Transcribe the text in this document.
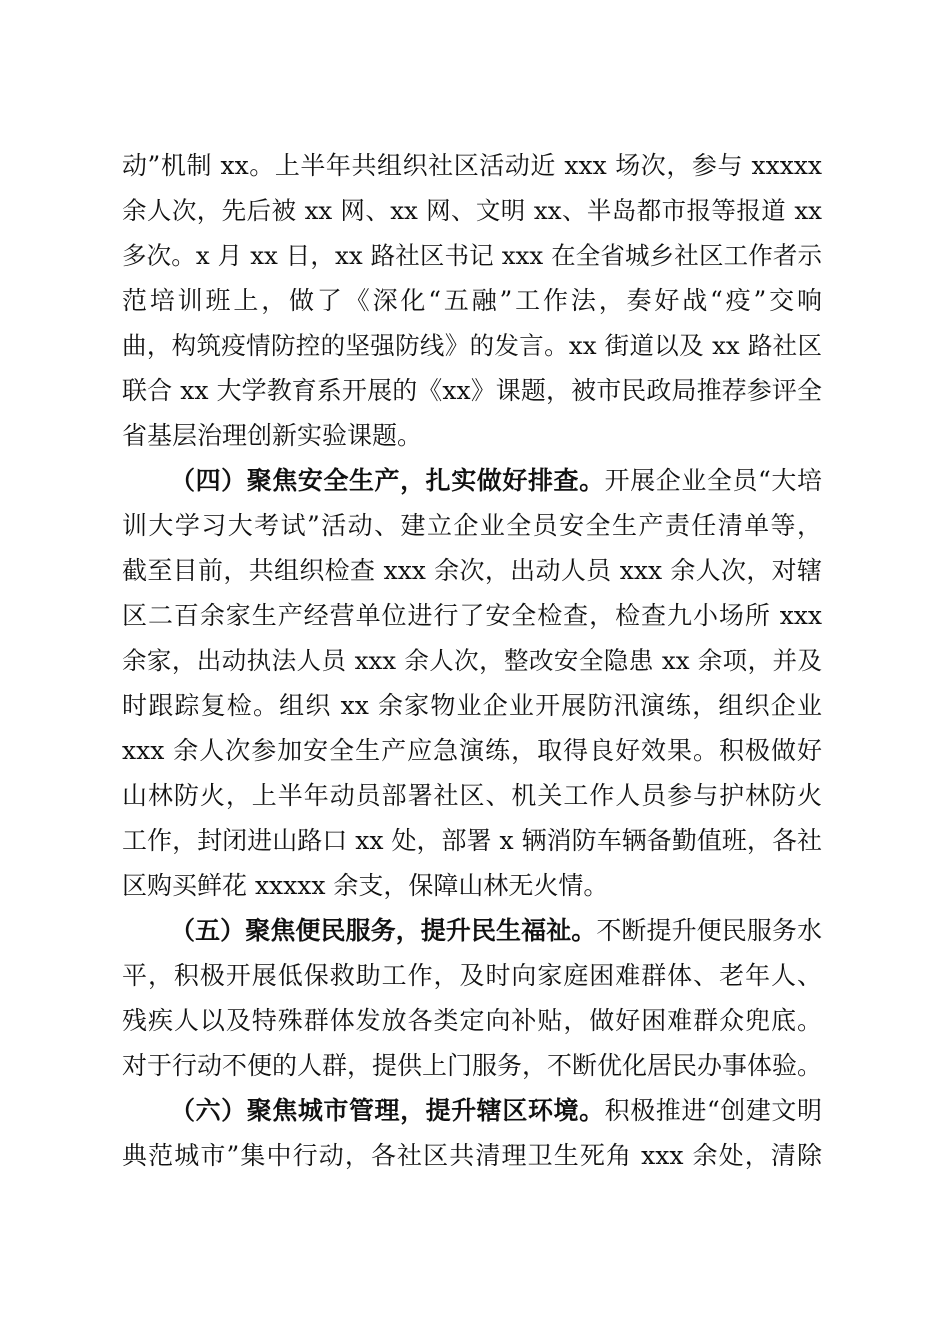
动”机制 xx。上半年共组织社区活动近 xxx 场次，参与 xxxxx
余人次，先后被 xx 网、xx 网、文明 xx、半岛都市报等报道 xx
多次。x 月 xx 日，xx 路社区书记 xxx 在全省城乡社区工作者示
范培训班上，做了《深化“五融”工作法，奏好战“疫”交响
曲，构筑疫情防控的坚强防线》的发言。xx 街道以及 xx 路社区
联合 xx 大学教育系开展的《xx》课题，被市民政局推荐参评全
省基层治理创新实验课题。
（四）聚焦安全生产，扎实做好排查。开展企业全员“大培
训大学习大考试”活动、建立企业全员安全生产责任清单等，
截至目前，共组织检查 xxx 余次，出动人员 xxx 余人次，对辖
区二百余家生产经营单位进行了安全检查，检查九小场所 xxx
余家，出动执法人员 xxx 余人次，整改安全隐患 xx 余项，并及
时跟踪复检。组织 xx 余家物业企业开展防汛演练，组织企业
xxx 余人次参加安全生产应急演练，取得良好效果。积极做好
山林防火，上半年动员部署社区、机关工作人员参与护林防火
工作，封闭进山路口 xx 处，部署 x 辆消防车辆备勤值班，各社
区购买鲜花 xxxxx 余支，保障山林无火情。
（五）聚焦便民服务，提升民生福祉。不断提升便民服务水
平，积极开展低保救助工作，及时向家庭困难群体、老年人、
残疾人以及特殊群体发放各类定向补贴，做好困难群众兜底。
对于行动不便的人群，提供上门服务，不断优化居民办事体验。
（六）聚焦城市管理，提升辖区环境。积极推进“创建文明
典范城市”集中行动，各社区共清理卫生死角 xxx 余处，清除
